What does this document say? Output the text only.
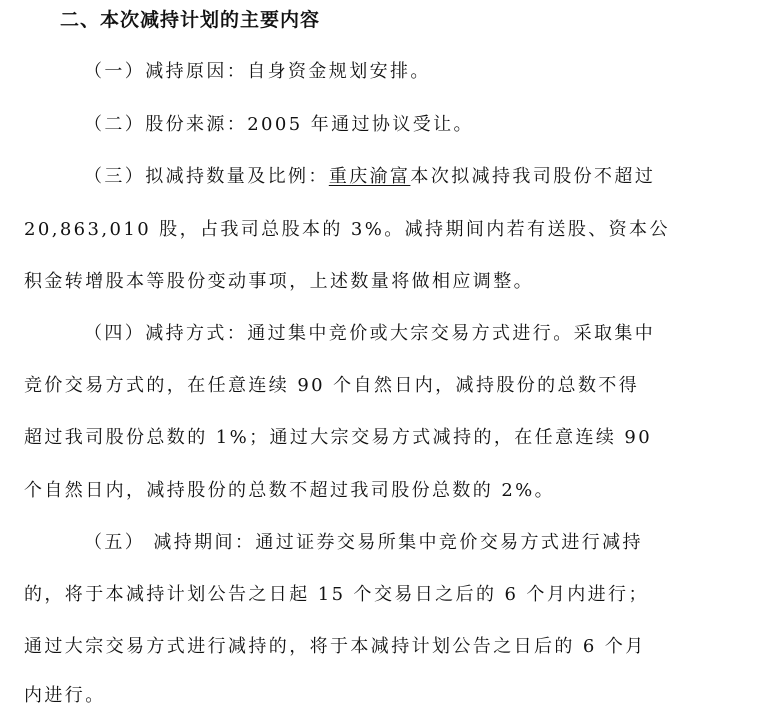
二、本次减持计划的主要内容
（一）减持原因：自身资金规划安排。
（二）股份来源：2005 年通过协议受让。
（三）拟减持数量及比例：重庆渝富本次拟减持我司股份不超过
20,863,010 股，占我司总股本的 3%。减持期间内若有送股、资本公
积金转增股本等股份变动事项，上述数量将做相应调整。
（四）减持方式：通过集中竞价或大宗交易方式进行。采取集中
竞价交易方式的，在任意连续 90 个自然日内，减持股份的总数不得
超过我司股份总数的 1%；通过大宗交易方式减持的，在任意连续 90
个自然日内，减持股份的总数不超过我司股份总数的 2%。
（五） 减持期间：通过证券交易所集中竞价交易方式进行减持
的，将于本减持计划公告之日起 15 个交易日之后的 6 个月内进行；
通过大宗交易方式进行减持的，将于本减持计划公告之日后的 6 个月
内进行。
